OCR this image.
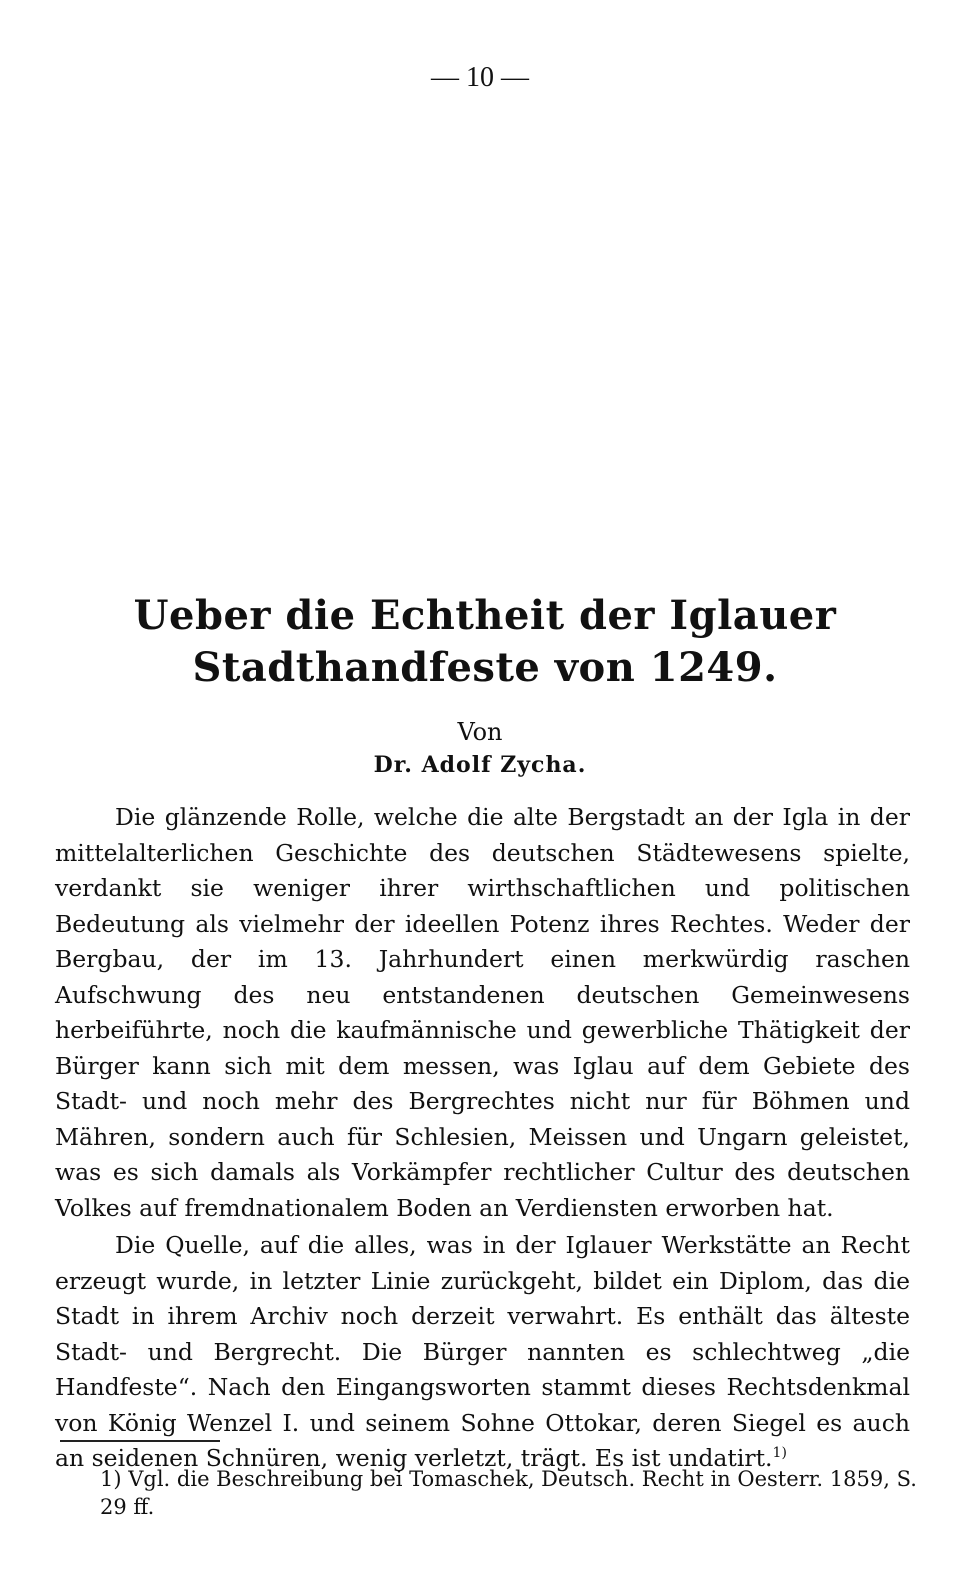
— 10 —
Ueber die Echtheit der Iglauer Stadthandfeste von 1249.
Von
Dr. Adolf Zycha.

Die glänzende Rolle, welche die alte Bergstadt an der Igla in der mittelalterlichen Geschichte des deutschen Städtewesens spielte, verdankt sie weniger ihrer wirthschaftlichen und politischen Bedeutung als vielmehr der ideellen Potenz ihres Rechtes. Weder der Bergbau, der im 13. Jahrhundert einen merkwürdig raschen Aufschwung des neu entstandenen deutschen Gemeinwesens herbeiführte, noch die kaufmännische und gewerbliche Thätigkeit der Bürger kann sich mit dem messen, was Iglau auf dem Gebiete des Stadt- und noch mehr des Bergrechtes nicht nur für Böhmen und Mähren, sondern auch für Schlesien, Meissen und Ungarn geleistet, was es sich damals als Vorkämpfer rechtlicher Cultur des deutschen Volkes auf fremdnationalem Boden an Verdiensten erworben hat.

Die Quelle, auf die alles, was in der Iglauer Werkstätte an Recht erzeugt wurde, in letzter Linie zurückgeht, bildet ein Diplom, das die Stadt in ihrem Archiv noch derzeit verwahrt. Es enthält das älteste Stadt- und Bergrecht. Die Bürger nannten es schlechtweg „die Handfeste“. Nach den Eingangsworten stammt dieses Rechtsdenkmal von König Wenzel I. und seinem Sohne Ottokar, deren Siegel es auch an seidenen Schnüren, wenig verletzt, trägt. Es ist undatirt.$^{1)}$

1) Vgl. die Beschreibung bei Tomaschek, Deutsch. Recht in Oesterr. 1859, S. 29 ff.
